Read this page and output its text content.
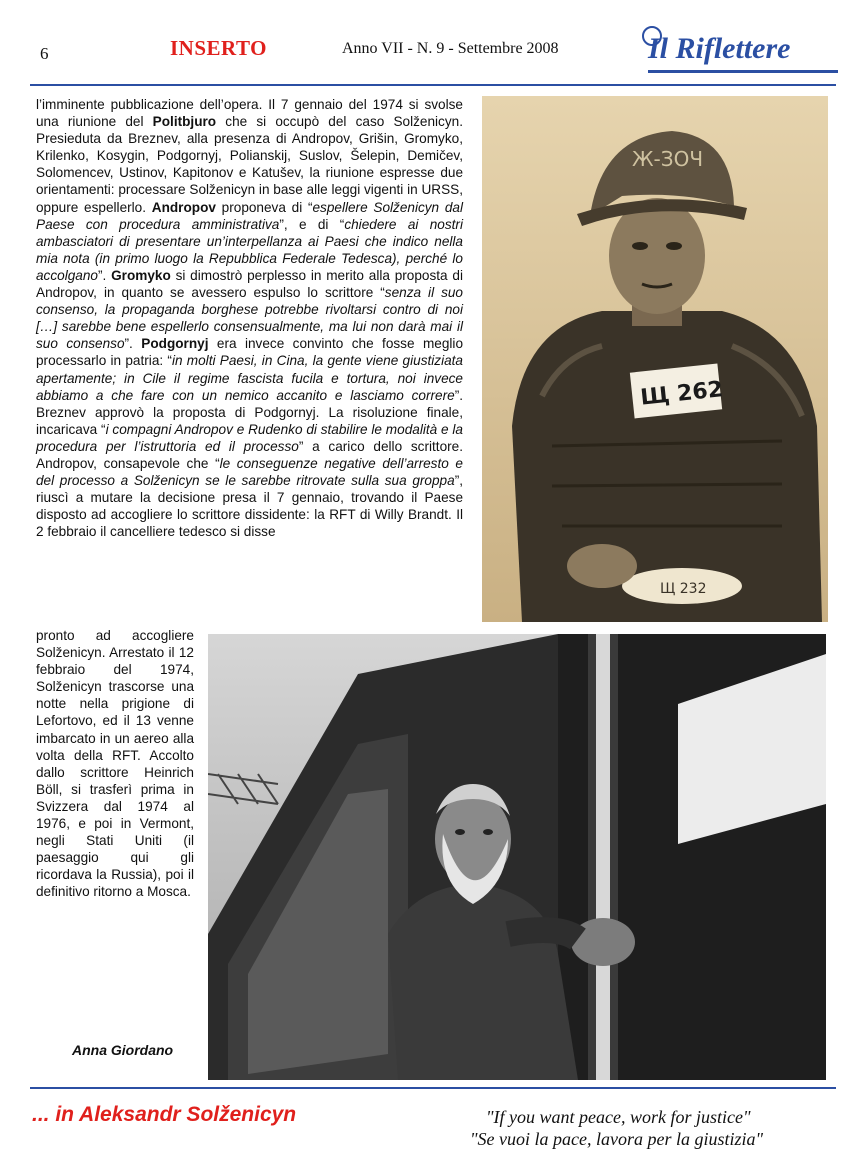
6	INSERTO	Anno VII - N. 9 - Settembre 2008	Il Riflettere
l’imminente pubblicazione dell’opera. Il 7 gennaio del 1974 si svolse una riunione del Politbjuro che si occupò del caso Solženicyn. Presieduta da Breznev, alla presenza di Andropov, Grišin, Gromyko, Krilenko, Kosygin, Podgornyj, Polianskij, Suslov, Šelepin, Demičev, Solomencev, Ustinov, Kapitonov e Katušev, la riunione espresse due orientamenti: processare Solženicyn in base alle leggi vigenti in URSS, oppure espellerlo. Andropov proponeva di “espellere Solženicyn dal Paese con procedura amministrativa”, e di “chiedere ai nostri ambasciatori di presentare un’interpellanza ai Paesi che indico nella mia nota (in primo luogo la Repubblica Federale Tedesca), perché lo accolgano”. Gromyko si dimostrò perplesso in merito alla proposta di Andropov, in quanto se avessero espulso lo scrittore “senza il suo consenso, la propaganda borghese potrebbe rivoltarsi contro di noi […] sarebbe bene espellerlo consensualmente, ma lui non darà mai il suo consenso”. Podgornyj era invece convinto che fosse meglio processarlo in patria: “in molti Paesi, in Cina, la gente viene giustiziata apertamente; in Cile il regime fascista fucila e tortura, noi invece abbiamo a che fare con un nemico accanito e lasciamo correre”. Breznev approvò la proposta di Podgornyj. La risoluzione finale, incaricava “i compagni Andropov e Rudenko di stabilire le modalità e la procedura per l’istruttoria ed il processo” a carico dello scrittore. Andropov, consapevole che “le conseguenze negative dell’arresto e del processo a Solženicyn se le sarebbe ritrovate sulla sua groppa”, riuscì a mutare la decisione presa il 7 gennaio, trovando il Paese disposto ad accogliere lo scrittore dissidente: la RFT di Willy Brandt. Il 2 febbraio il cancelliere tedesco si disse
pronto ad accogliere Solženicyn. Arrestato il 12 febbraio del 1974, Solženicyn trascorse una notte nella prigione di Lefortovo, ed il 13 venne imbarcato in un aereo alla volta della RFT. Accolto dallo scrittore Heinrich Böll, si trasferì prima in Svizzera dal 1974 al 1976, e poi in Vermont, negli Stati Uniti (il paesaggio qui gli ricordava la Russia), poi il definitivo ritorno a Mosca.
Anna Giordano
Ж-ЗОЧ
Щ 262
Щ 232
... in Aleksandr Solženicyn	"If you want peace, work for justice"
"Se vuoi la pace, lavora per la giustizia"
